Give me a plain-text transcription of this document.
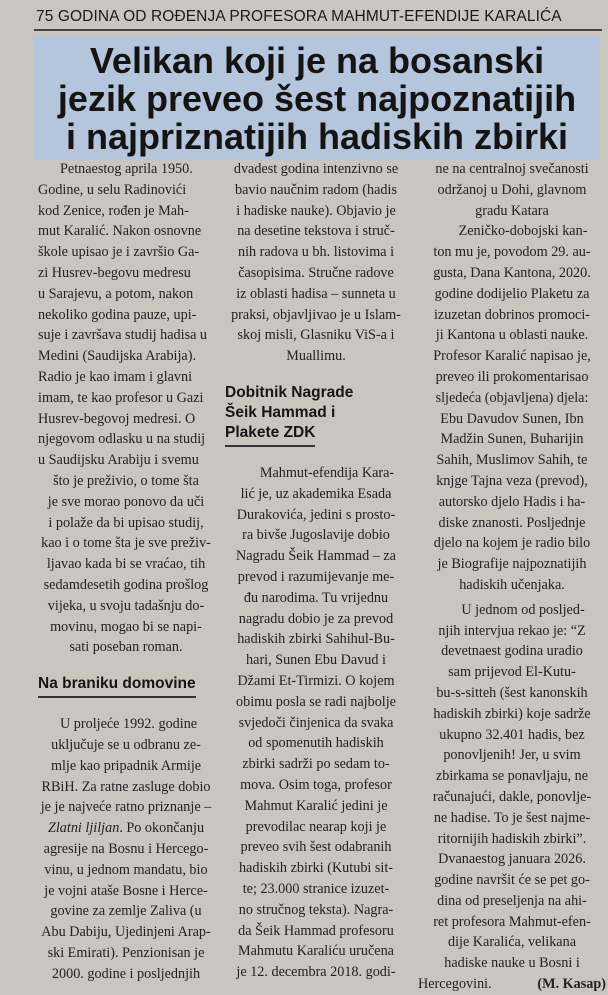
75 GODINA OD ROĐENJA PROFESORA MAHMUT-EFENDIJE KARALIĆA
Velikan koji je na bosanski
jezik preveo šest najpoznatijih
i najpriznatijih hadiskih zbirki

Petnaestog aprila 1950.
Godine, u selu Radinovići
kod Zenice, rođen je Mah-
mut Karalić. Nakon osnovne
škole upisao je i završio Ga-
zi Husrev-begovu medresu
u Sarajevu, a potom, nakon
nekoliko godina pauze, upi-
suje i završava studij hadisa u
Medini (Saudijska Arabija).
Radio je kao imam i glavni
imam, te kao profesor u Gazi
Husrev-begovoj medresi. O
njegovom odlasku u na studij
u Saudijsku Arabiju i svemu
što je preživio, o tome šta
je sve morao ponovo da uči
i polaže da bi upisao studij,
kao i o tome šta je sve preživ-
ljavao kada bi se vraćao, tih
sedamdesetih godina prošlog
vijeka, u svoju tadašnju do-
movinu, mogao bi se napi-
sati poseban roman.

Na braniku domovine

U proljeće 1992. godine
uključuje se u odbranu ze-
mlje kao pripadnik Armije
RBiH. Za ratne zasluge dobio
je je najveće ratno priznanje –
Zlatni ljiljan. Po okončanju
agresije na Bosnu i Hercego-
vinu, u jednom mandatu, bio
je vojni ataše Bosne i Herce-
govine za zemlje Zaliva (u
Abu Dabiju, Ujedinjeni Arap-
ski Emirati). Penzionisan je
2000. godine i posljednjih

dvadest godina intenzivno se
bavio naučnim radom (hadis
i hadiske nauke). Objavio je
na desetine tekstova i struč-
nih radova u bh. listovima i
časopisima. Stručne radove
iz oblasti hadisa – sunneta u
praksi, objavljivao je u Islam-
skoj misli, Glasniku ViS-a i
Muallimu.

Dobitnik Nagrade
Šeik Hammad i
Plakete ZDK

Mahmut-efendija Kara-
lić je, uz akademika Esada
Durakovića, jedini s prosto-
ra bivše Jugoslavije dobio
Nagradu Šeik Hammad – za
prevod i razumijevanje me-
đu narodima. Tu vrijednu
nagradu dobio je za prevod
hadiskih zbirki Sahihul-Bu-
hari, Sunen Ebu Davud i
Džami Et-Tirmizi. O kojem
obimu posla se radi najbolje
svjedoči činjenica da svaka
od spomenutih hadiskih
zbirki sadrži po sedam to-
mova. Osim toga, profesor
Mahmut Karalić jedini je
prevodilac nearap koji je
preveo svih šest odabranih
hadiskih zbirki (Kutubi sit-
te; 23.000 stranice izuzet-
no stručnog teksta). Nagra-
da Šeik Hammad profesoru
Mahmutu Karaliću uručena
je 12. decembra 2018. godi-

ne na centralnoj svečanosti
održanoj u Dohi, glavnom
gradu Katara

Zeničko-dobojski kan-
ton mu je, povodom 29. au-
gusta, Dana Kantona, 2020.
godine dodijelio Plaketu za
izuzetan dobrinos promoci-
ji Kantona u oblasti nauke.
Profesor Karalić napisao je,
preveo ili prokomentarisao
sljedeća (objavljena) djela:
Ebu Davudov Sunen, Ibn
Madžin Sunen, Buharijin
Sahih, Muslimov Sahih, te
knjge Tajna veza (prevod),
autorsko djelo Hadis i ha-
diske znanosti. Posljednje
djelo na kojem je radio bilo
je Biografije najpoznatijih
hadiskih učenjaka.

U jednom od posljed-
njih intervjua rekao je: “Z
devetnaest godina uradio
sam prijevod El-Kutu-
bu-s-sitteh (šest kanonskih
hadiskih zbirki) koje sadrže
ukupno 32.401 hadis, bez
ponovljenih! Jer, u svim
zbirkama se ponavljaju, ne
računajući, dakle, ponovlje-
ne hadise. To je šest najme-
ritornijih hadiskih zbirki”.
Dvanaestog januara 2026.
godine navršit će se pet go-
dina od preseljenja na ahi-
ret profesora Mahmut-efen-
dije Karalića, velikana
hadiske nauke u Bosni i
Hercegovini.	(M. Kasap)
